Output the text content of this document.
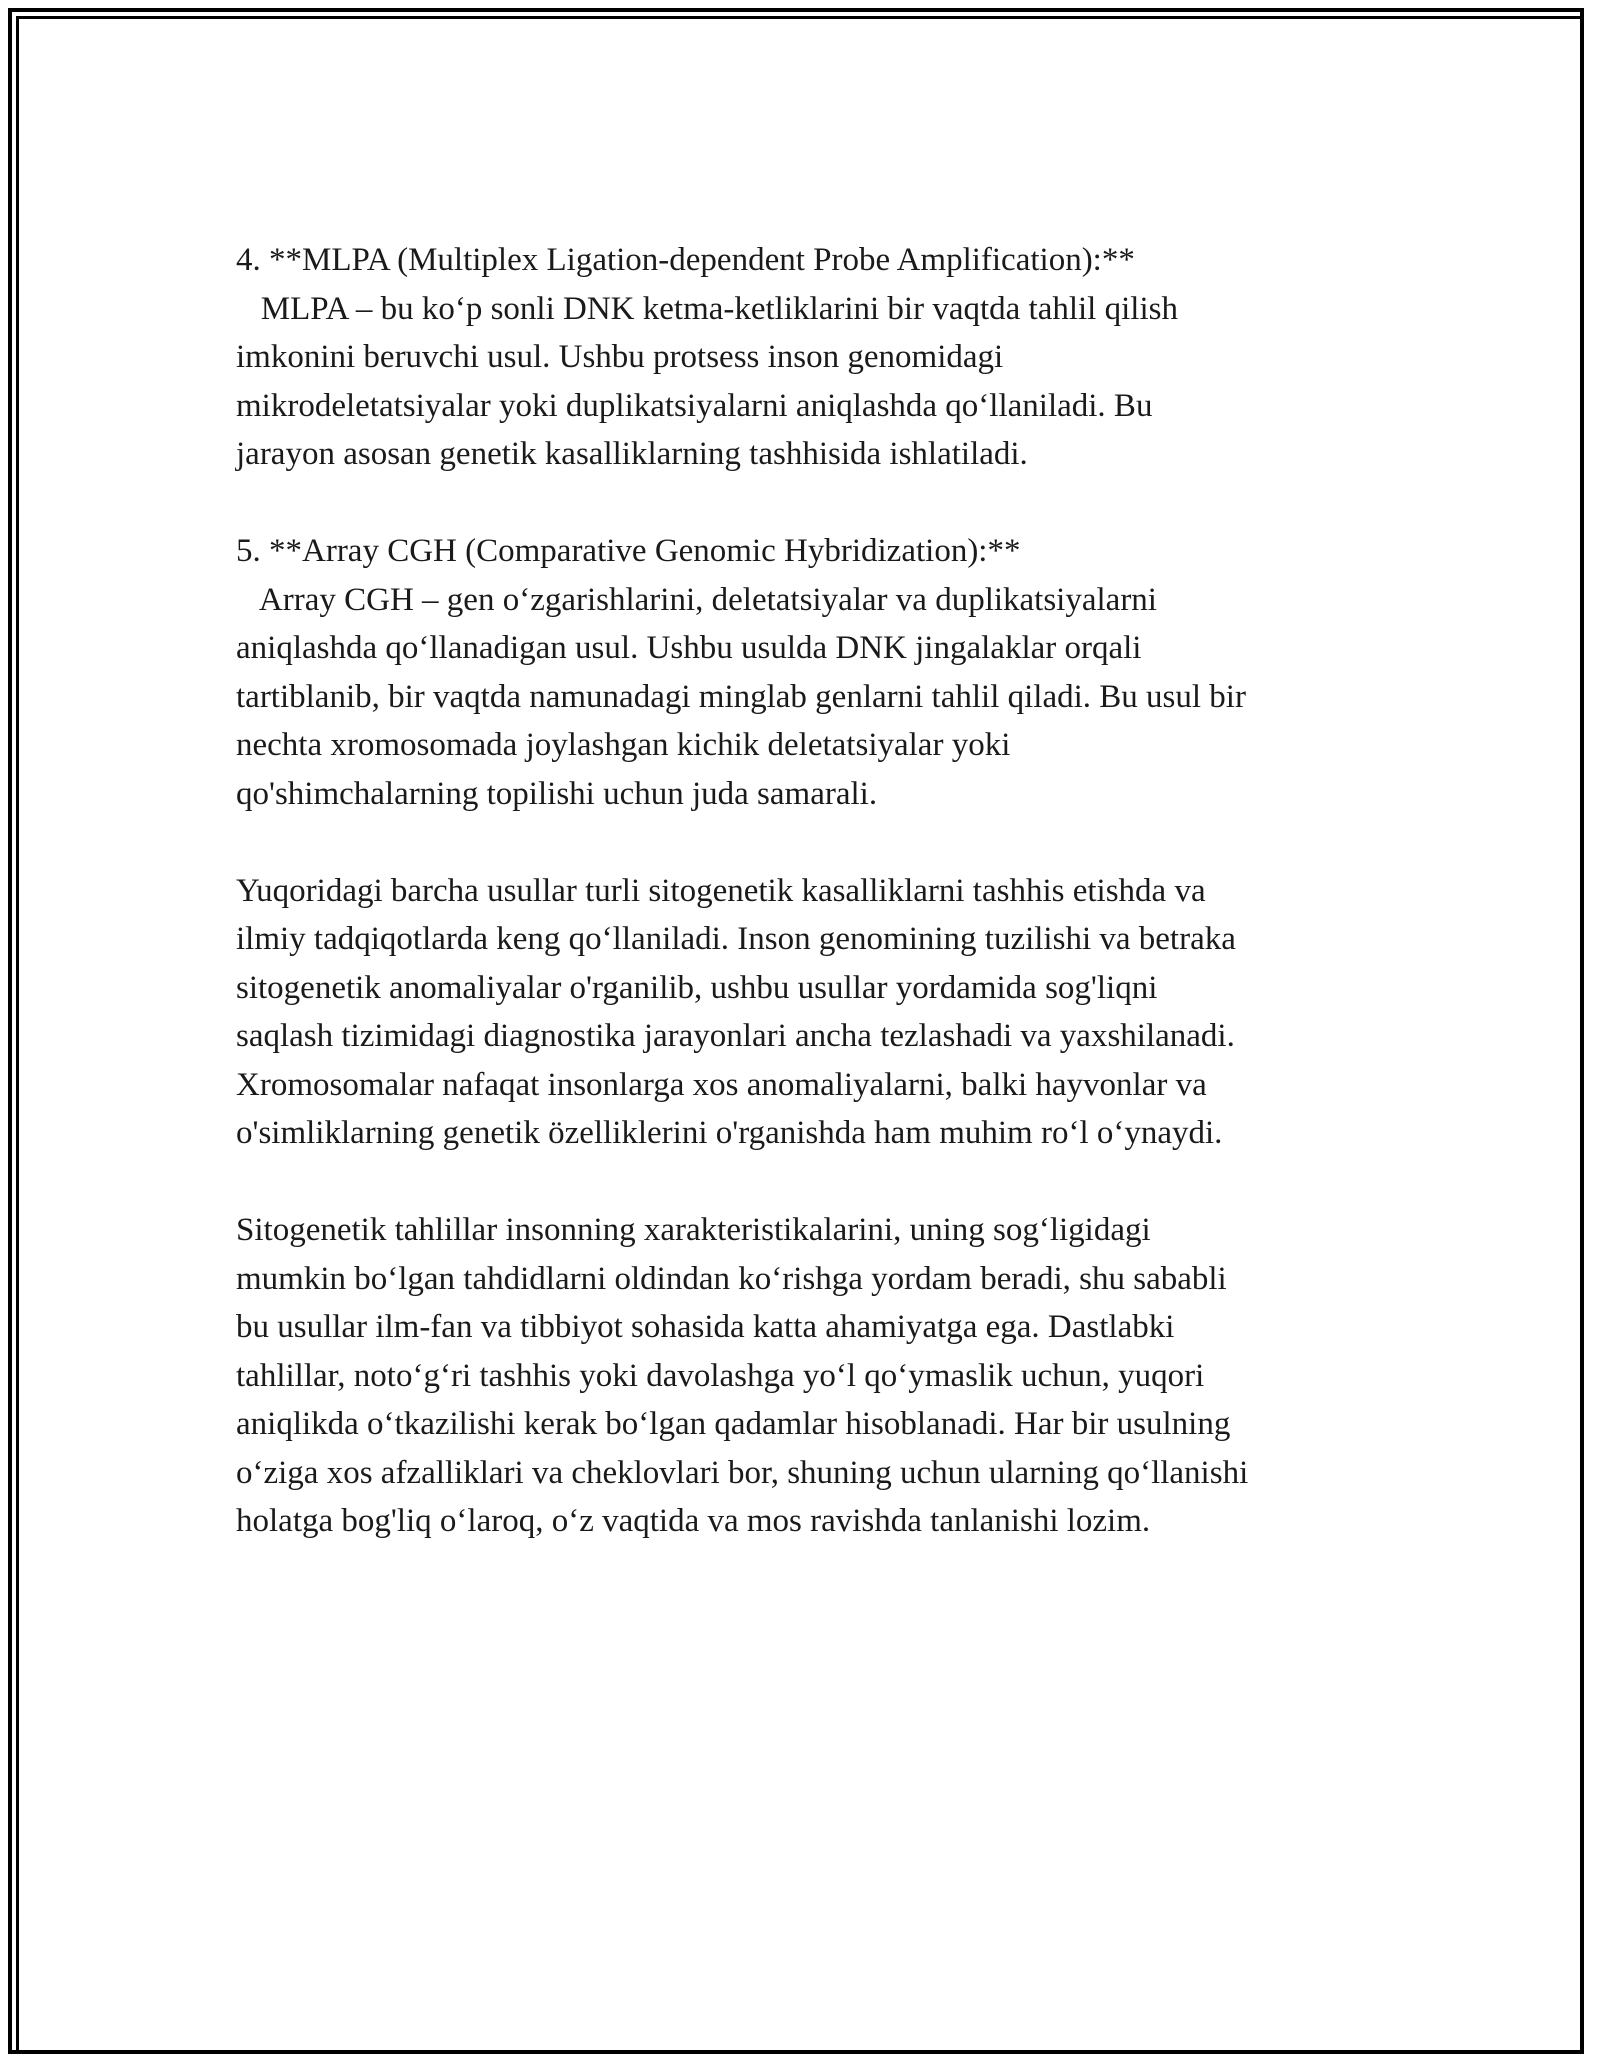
4. **MLPA (Multiplex Ligation-dependent Probe Amplification):**
MLPA – bu koʻp sonli DNK ketma-ketliklarini bir vaqtda tahlil qilish
imkonini beruvchi usul. Ushbu protsess inson genomidagi
mikrodeletatsiyalar yoki duplikatsiyalarni aniqlashda qoʻllaniladi. Bu
jarayon asosan genetik kasalliklarning tashhisida ishlatiladi.
5. **Array CGH (Comparative Genomic Hybridization):**
Array CGH – gen oʻzgarishlarini, deletatsiyalar va duplikatsiyalarni
aniqlashda qoʻllanadigan usul. Ushbu usulda DNK jingalaklar orqali
tartiblanib, bir vaqtda namunadagi minglab genlarni tahlil qiladi. Bu usul bir
nechta xromosomada joylashgan kichik deletatsiyalar yoki
qo'shimchalarning topilishi uchun juda samarali.
Yuqoridagi barcha usullar turli sitogenetik kasalliklarni tashhis etishda va
ilmiy tadqiqotlarda keng qoʻllaniladi. Inson genomining tuzilishi va betraka
sitogenetik anomaliyalar o'rganilib, ushbu usullar yordamida sog'liqni
saqlash tizimidagi diagnostika jarayonlari ancha tezlashadi va yaxshilanadi.
Xromosomalar nafaqat insonlarga xos anomaliyalarni, balki hayvonlar va
o'simliklarning genetik özelliklerini o'rganishda ham muhim roʻl oʻynaydi.
Sitogenetik tahlillar insonning xarakteristikalarini, uning sogʻligidagi
mumkin boʻlgan tahdidlarni oldindan koʻrishga yordam beradi, shu sababli
bu usullar ilm-fan va tibbiyot sohasida katta ahamiyatga ega. Dastlabki
tahlillar, notoʻgʻri tashhis yoki davolashga yoʻl qoʻymaslik uchun, yuqori
aniqlikda oʻtkazilishi kerak boʻlgan qadamlar hisoblanadi. Har bir usulning
oʻziga xos afzalliklari va cheklovlari bor, shuning uchun ularning qoʻllanishi
holatga bog'liq oʻlaroq, oʻz vaqtida va mos ravishda tanlanishi lozim.
